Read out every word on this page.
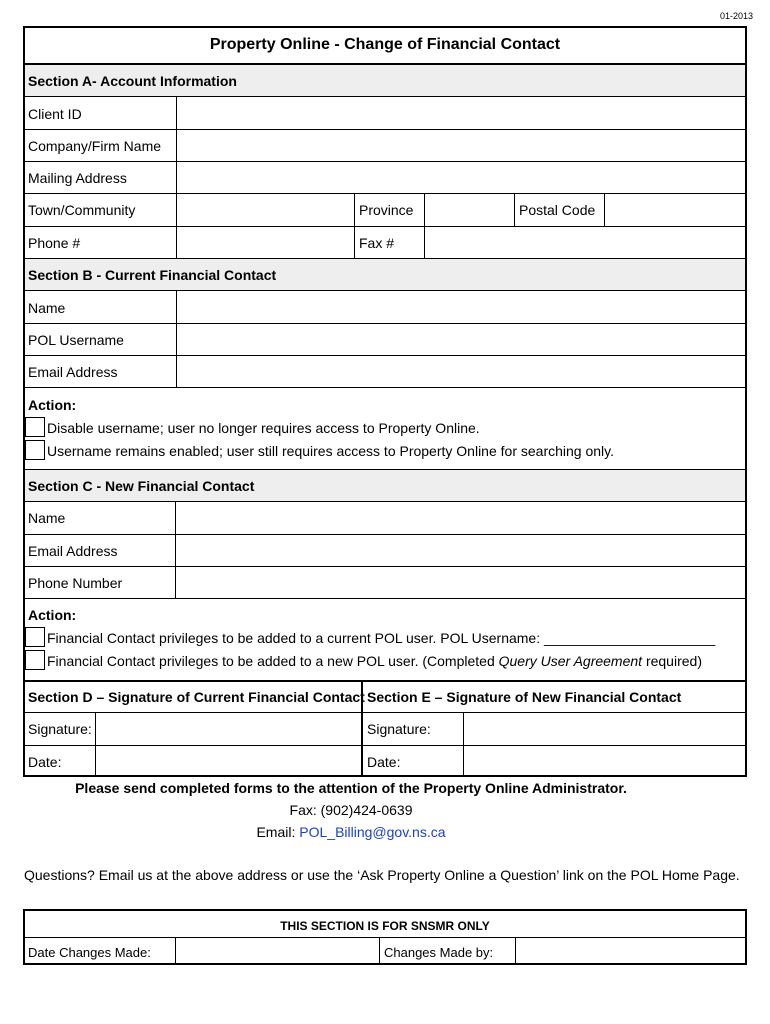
01-2013
Property Online - Change of Financial Contact
Section A- Account Information
Client ID
Company/Firm Name
Mailing Address
Town/Community	Province	Postal Code
Phone #	Fax #
Section B - Current Financial Contact
Name
POL Username
Email Address
Action:
Disable username; user no longer requires access to Property Online.
Username remains enabled; user still requires access to Property Online for searching only.
Section C - New Financial Contact
Name
Email Address
Phone Number
Action:
Financial Contact privileges to be added to a current POL user. POL Username: ______________________
Financial Contact privileges to be added to a new POL user. (Completed Query User Agreement required)
Section D – Signature of Current Financial Contact Section E – Signature of New Financial Contact
Signature:	Signature:
Date:	Date:
Please send completed forms to the attention of the Property Online Administrator.
Fax: (902)424-0639
Email: POL_Billing@gov.ns.ca
Questions? Email us at the above address or use the ‘Ask Property Online a Question’ link on the POL Home Page.
THIS SECTION IS FOR SNSMR ONLY
Date Changes Made:	Changes Made by:
